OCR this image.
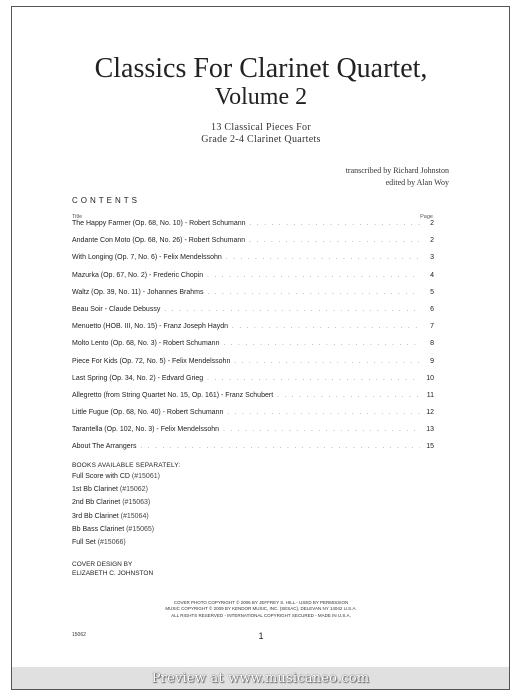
Classics For Clarinet Quartet,
Volume 2
13 Classical Pieces For
Grade 2-4 Clarinet Quartets
transcribed by Richard Johnston
edited by Alan Woy
CONTENTS
Title	Page
The Happy Farmer (Op. 68, No. 10) - Robert Schumann . . .	2
Andante Con Moto (Op. 68, No. 26) - Robert Schumann . . .	2
With Longing (Op. 7, No. 6) - Felix Mendelssohn . . .	3
Mazurka (Op. 67, No. 2) - Frederic Chopin . . .	4
Waltz (Op. 39, No. 11) - Johannes Brahms . . .	5
Beau Soir - Claude Debussy . . .	6
Menuetto (HOB. III, No. 15) - Franz Joseph Haydn . . .	7
Molto Lento (Op. 68, No. 3) - Robert Schumann . . .	8
Piece For Kids (Op. 72, No. 5) - Felix Mendelssohn . . .	9
Last Spring (Op. 34, No. 2) - Edvard Grieg . . .	10
Allegretto (from String Quartet No. 15, Op. 161) - Franz Schubert . . .	11
Little Fugue (Op. 68, No. 40) - Robert Schumann . . .	12
Tarantella (Op. 102, No. 3) - Felix Mendelssohn . . .	13
About The Arrangers . . .	15
BOOKS AVAILABLE SEPARATELY:
Full Score with CD (#15061)
1st Bb Clarinet (#15062)
2nd Bb Clarinet (#15063)
3rd Bb Clarinet (#15064)
Bb Bass Clarinet (#15065)
Full Set (#15066)
COVER DESIGN BY
ELIZABETH C. JOHNSTON
COVER PHOTO COPYRIGHT © 2006 BY JEFFREY S. HILL - USED BY PERMISSION
MUSIC COPYRIGHT © 2009 BY KENDOR MUSIC, INC. (SESAC), DELEVAN NY 14042 U.S.A.
ALL RIGHTS RESERVED - INTERNATIONAL COPYRIGHT SECURED - MADE IN U.S.A.
15062	1
Preview at www.musicaneo.com
